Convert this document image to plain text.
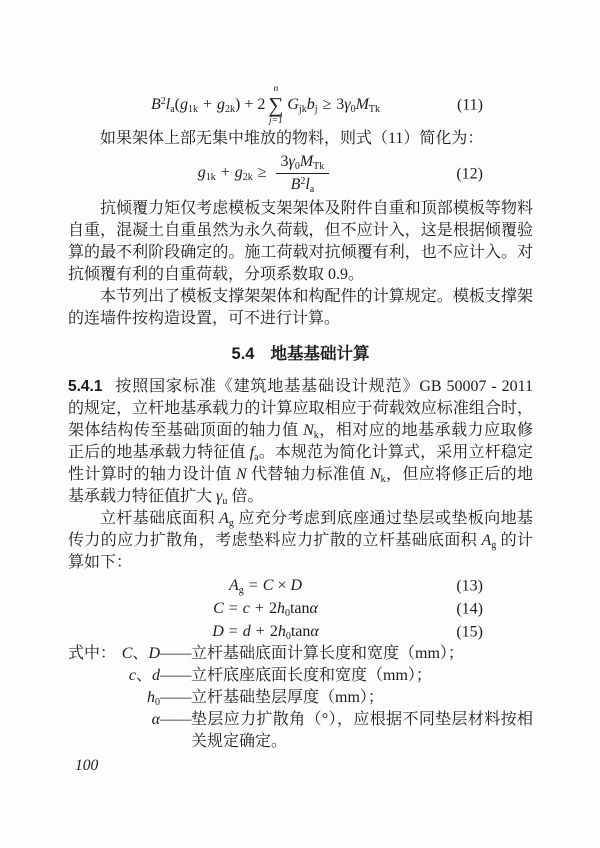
$B^2l_a(g_{1k} + g_{2k}) + 2$
n
∑
j=1
$G_{jk}b_j \ge 3\gamma_0M_{Tk}$	(11)

如果架体上部无集中堆放的物料，则式（11）简化为：

$g_{1k} + g_{2k} \ge \frac{3\gamma_0M_{Tk}}{B^2l_a}$	(12)

抗倾覆力矩仅考虑模板支架架体及附件自重和顶部模板等物料自重，混凝土自重虽然为永久荷载，但不应计入，这是根据倾覆验算的最不利阶段确定的。施工荷载对抗倾覆有利，也不应计入。对抗倾覆有利的自重荷载，分项系数取 0.9。

本节列出了模板支撑架架体和构配件的计算规定。模板支撑架的连墙件按构造设置，可不进行计算。

5.4 地基基础计算

5.4.1 按照国家标准《建筑地基基础设计规范》GB 50007 - 2011 的规定，立杆地基承载力的计算应取相应于荷载效应标准组合时，架体结构传至基础顶面的轴力值 $N_k$，相对应的地基承载力应取修正后的地基承载力特征值 $f_a$。本规范为简化计算式，采用立杆稳定性计算时的轴力设计值 N 代替轴力标准值 $N_k$，但应将修正后的地基承载力特征值扩大 $\gamma_u$ 倍。

立杆基础底面积 $A_g$ 应充分考虑到底座通过垫层或垫板向地基传力的应力扩散角，考虑垫料应力扩散的立杆基础底面积 $A_g$ 的计算如下：

$A_g = C \times D$	(13)
$C = c + 2h_0\tan\alpha$	(14)
$D = d + 2h_0\tan\alpha$	(15)
式中： C、D —— 立杆基础底面计算长度和宽度（mm）；
c、d —— 立杆底座底面长度和宽度（mm）；
$h_0$ —— 立杆基础垫层厚度（mm）；
α —— 垫层应力扩散角（°），应根据不同垫层材料按相关规定确定。
100
